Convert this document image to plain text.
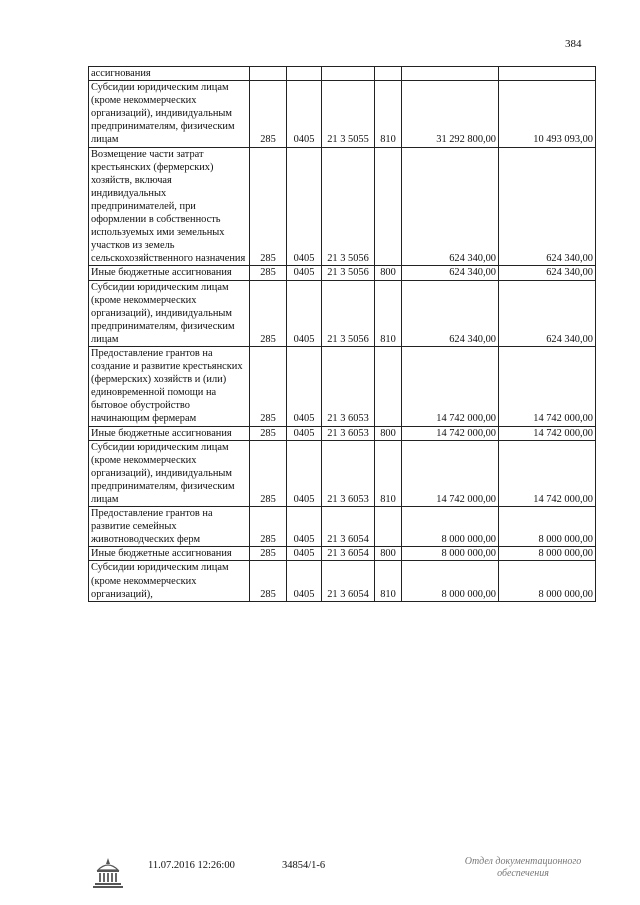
384
ассигнования						
Субсидии юридическим лицам (кроме некоммерческих организаций), индивидуальным предпринимателям, физическим лицам	285	0405	21 3 5055	810	31 292 800,00	10 493 093,00
Возмещение части затрат крестьянских (фермерских) хозяйств, включая индивидуальных предпринимателей, при оформлении в собственность используемых ими земельных участков из земель сельскохозяйственного назначения	285	0405	21 3 5056		624 340,00	624 340,00
Иные бюджетные ассигнования	285	0405	21 3 5056	800	624 340,00	624 340,00
Субсидии юридическим лицам (кроме некоммерческих организаций), индивидуальным предпринимателям, физическим лицам	285	0405	21 3 5056	810	624 340,00	624 340,00
Предоставление грантов на создание и развитие крестьянских (фермерских) хозяйств и (или) единовременной помощи на бытовое обустройство начинающим фермерам	285	0405	21 3 6053		14 742 000,00	14 742 000,00
Иные бюджетные ассигнования	285	0405	21 3 6053	800	14 742 000,00	14 742 000,00
Субсидии юридическим лицам (кроме некоммерческих организаций), индивидуальным предпринимателям, физическим лицам	285	0405	21 3 6053	810	14 742 000,00	14 742 000,00
Предоставление грантов на развитие семейных животноводческих ферм	285	0405	21 3 6054		8 000 000,00	8 000 000,00
Иные бюджетные ассигнования	285	0405	21 3 6054	800	8 000 000,00	8 000 000,00
Субсидии юридическим лицам (кроме некоммерческих организаций),	285	0405	21 3 6054	810	8 000 000,00	8 000 000,00
11.07.2016 12:26:00	34854/1-6	Отдел документационного
обеспечения
